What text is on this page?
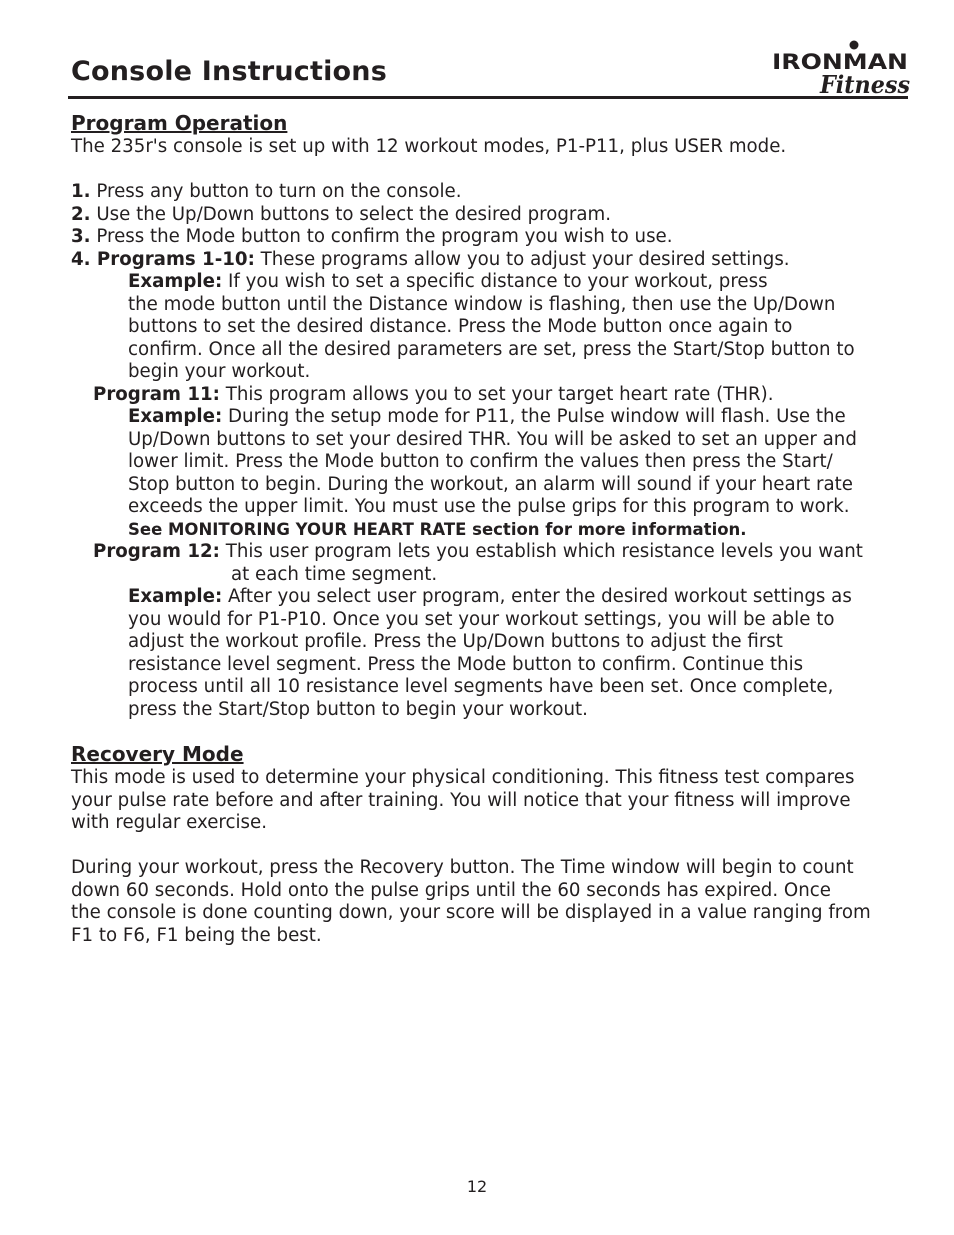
Console Instructions	IRONMAN
Fitness
Program Operation

The 235r's console is set up with 12 workout modes, P1-P11, plus USER mode.

1. Press any button to turn on the console.

2. Use the Up/Down buttons to select the desired program.

3. Press the Mode button to confirm the program you wish to use.

4. Programs 1-10: These programs allow you to adjust your desired settings.

Example: If you wish to set a specific distance to your workout, press

the mode button until the Distance window is flashing, then use the Up/Down

buttons to set the desired distance. Press the Mode button once again to

confirm. Once all the desired parameters are set, press the Start/Stop button to

begin your workout.

Program 11: This program allows you to set your target heart rate (THR).

Example: During the setup mode for P11, the Pulse window will flash. Use the

Up/Down buttons to set your desired THR. You will be asked to set an upper and

lower limit. Press the Mode button to confirm the values then press the Start/

Stop button to begin. During the workout, an alarm will sound if your heart rate

exceeds the upper limit. You must use the pulse grips for this program to work.

See MONITORING YOUR HEART RATE section for more information.

Program 12: This user program lets you establish which resistance levels you want

at each time segment.

Example: After you select user program, enter the desired workout settings as

you would for P1-P10. Once you set your workout settings, you will be able to

adjust the workout profile. Press the Up/Down buttons to adjust the first

resistance level segment. Press the Mode button to confirm. Continue this

process until all 10 resistance level segments have been set. Once complete,

press the Start/Stop button to begin your workout.

Recovery Mode

This mode is used to determine your physical conditioning. This fitness test compares

your pulse rate before and after training. You will notice that your fitness will improve

with regular exercise.

During your workout, press the Recovery button. The Time window will begin to count

down 60 seconds. Hold onto the pulse grips until the 60 seconds has expired. Once

the console is done counting down, your score will be displayed in a value ranging from

F1 to F6, F1 being the best.

12
